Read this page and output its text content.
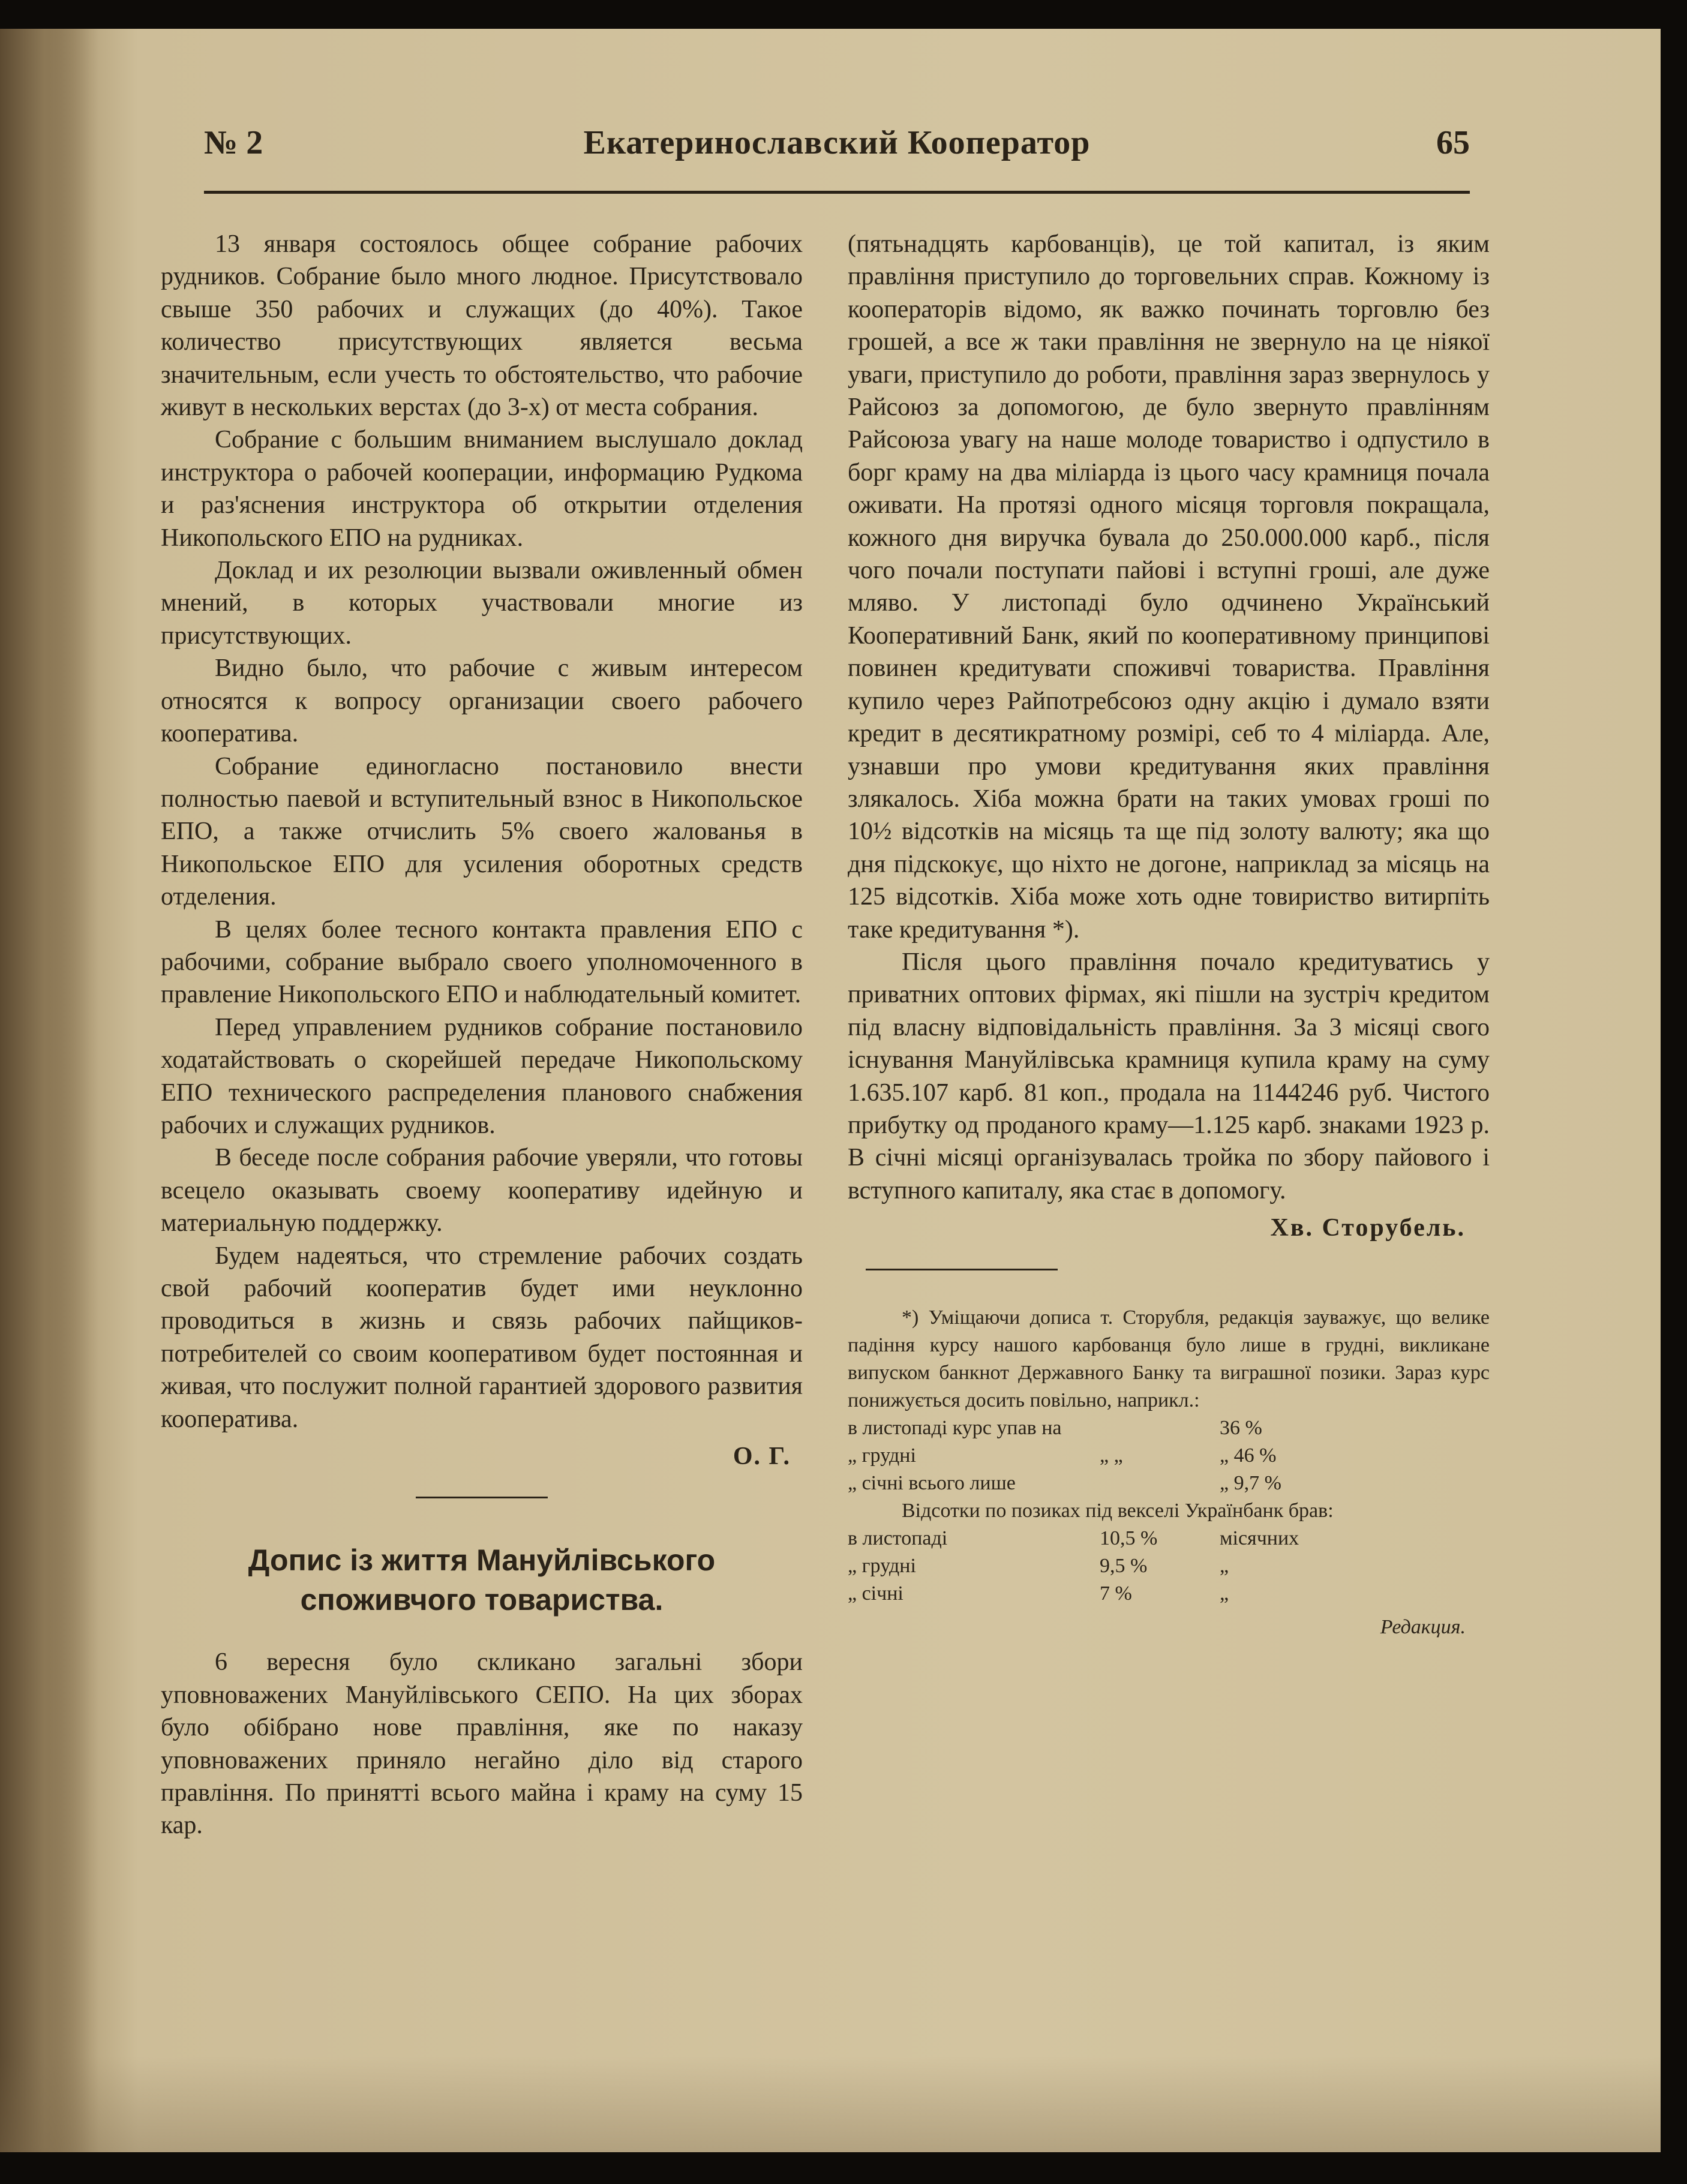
Екатеринославский Кооператор
№ 2	65

13 января состоялось общее собрание рабочих рудников. Собрание было много людное. Присутствовало свыше 350 рабочих и служащих (до 40%). Такое количество присутствующих является весьма значительным, если учесть то обстоятельство, что рабочие живут в нескольких верстах (до 3-х) от места собрания.

Собрание с большим вниманием выслушало доклад инструктора о рабочей кооперации, информацию Рудкома и раз'яснения инструктора об открытии отделения Никопольского ЕПО на рудниках.

Доклад и их резолюции вызвали оживленный обмен мнений, в которых участвовали многие из присутствующих.

Видно было, что рабочие с живым интересом относятся к вопросу организации своего рабочего кооператива.

Собрание единогласно постановило внести полностью паевой и вступительный взнос в Никопольское ЕПО, а также отчислить 5% своего жалованья в Никопольское ЕПО для усиления оборотных средств отделения.

В целях более тесного контакта правления ЕПО с рабочими, собрание выбрало своего уполномоченного в правление Никопольского ЕПО и наблюдательный комитет.

Перед управлением рудников собрание постановило ходатайствовать о скорейшей передаче Никопольскому ЕПО технического распределения планового снабжения рабочих и служащих рудников.

В беседе после собрания рабочие уверяли, что готовы всецело оказывать своему кооперативу идейную и материальную поддержку.

Будем надеяться, что стремление рабочих создать свой рабочий кооператив будет ими неуклонно проводиться в жизнь и связь рабочих пайщиков-потребителей со своим кооперативом будет постоянная и живая, что послужит полной гарантией здорового развития кооператива.

О. Г.
Допис із життя Мануйлівського споживчого товариства.

6 вересня було скликано загальні збори уповноважених Мануйлівського СЕПО. На цих зборах було обібрано нове правління, яке по наказу уповноважених приняло негайно діло від старого правління. По принятті всього майна і краму на суму 15 кар.

(пятьнадцять карбованців), це той капитал, із яким правління приступило до торговельних справ. Кожному із кооператорів відомо, як важко починать торговлю без грошей, а все ж таки правління не звернуло на це ніякої уваги, приступило до роботи, правління зараз звернулось у Райсоюз за допомогою, де було звернуто правлінням Райсоюза увагу на наше молоде товариство і одпустило в борг краму на два міліарда із цього часу крамниця почала оживати. На протязі одного місяця торговля покращала, кожного дня виручка бувала до 250.000.000 карб., після чого почали поступати пайові і вступні гроші, але дуже мляво. У листопаді було одчинено Український Кооперативний Банк, який по кооперативному принципові повинен кредитувати споживчі товариства. Правління купило через Райпотребсоюз одну акцію і думало взяти кредит в десятикратному розмірі, себ то 4 міліарда. Але, узнавши про умови кредитування яких правління злякалось. Хіба можна брати на таких умовах гроші по 10½ відсотків на місяць та ще під золоту валюту; яка що дня підскокує, що ніхто не догоне, наприклад за місяць на 125 відсотків. Хіба може хоть одне товириство витирпіть таке кредитування *).

Після цього правління почало кредитуватись у приватних оптових фірмах, які пішли на зустріч кредитом під власну відповідальність правління. За 3 місяці свого існування Мануйлівська крамниця купила краму на суму 1.635.107 карб. 81 коп., продала на 1144246 руб. Чистого прибутку од проданого краму—1.125 карб. знаками 1923 р. В січні місяці організувалась тройка по збору пайового і вступного капиталу, яка стає в допомогу.

Хв. Сторубель.

*) Уміщаючи дописа т. Сторубля, редакція зауважує, що велике падіння курсу нашого карбованця було лише в грудні, викликане випуском банкнот Державного Банку та виграшної позики. Зараз курс понижується досить повільно, наприкл.:

в листопаді курс упав на	36 %
„ грудні	„ „	„ 46 %
„ січні всього лише	„ 9,7 %

Відсотки по позиках під векселі Українбанк брав:

в листопаді	10,5 %	місячних
„ грудні	9,5 %	„
„ січні	7 %	„
Редакция.
